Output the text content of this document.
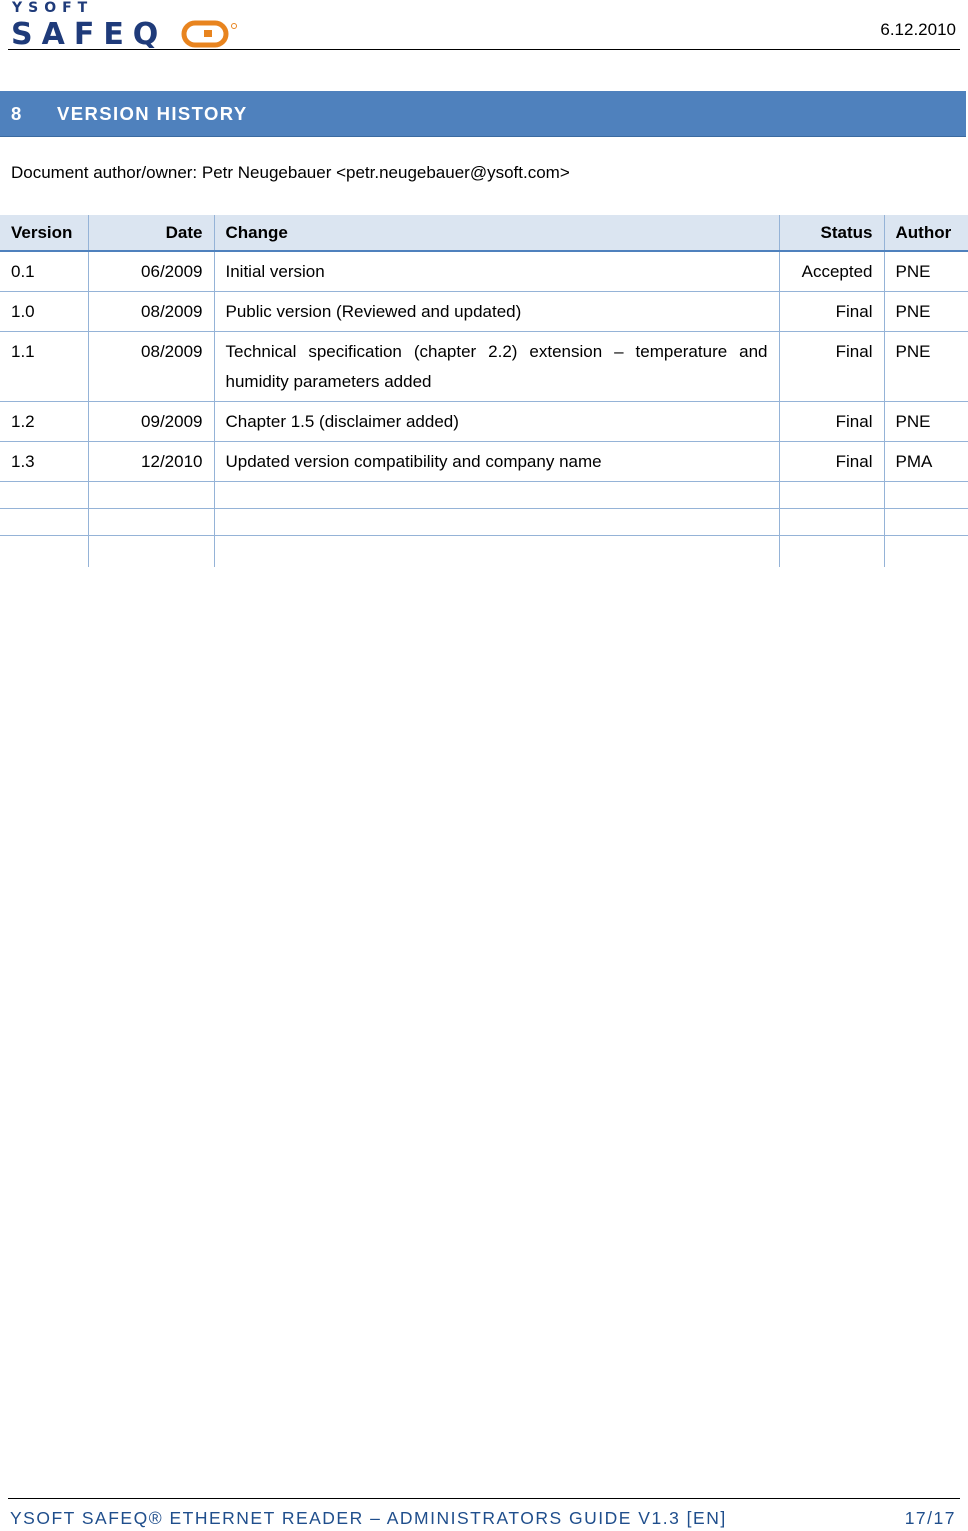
YSOFT
SAFEQ	6.12.2010
8	VERSION HISTORY
Document author/owner: Petr Neugebauer <petr.neugebauer@ysoft.com>
Version	Date	Change	Status	Author
0.1	06/2009	Initial version	Accepted	PNE
1.0	08/2009	Public version (Reviewed and updated)	Final	PNE
1.1	08/2009	Technical specification (chapter 2.2) extension – temperature and humidity parameters added	Final	PNE
1.2	09/2009	Chapter 1.5 (disclaimer added)	Final	PNE
1.3	12/2010	Updated version compatibility and company name	Final	PMA

YSOFT SAFEQ® ETHERNET READER – ADMINISTRATORS GUIDE V1.3 [EN]	17/17
